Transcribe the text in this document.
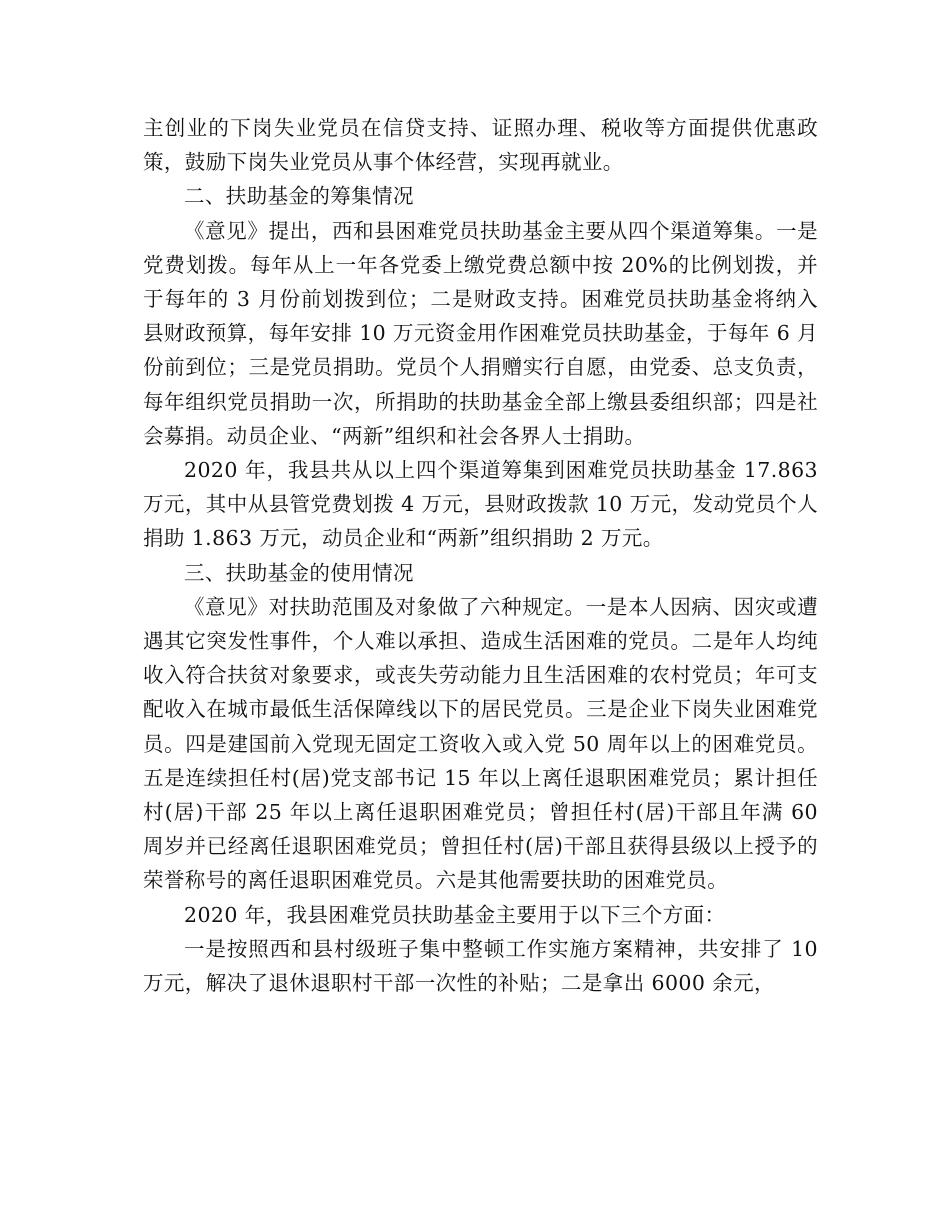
主创业的下岗失业党员在信贷支持、证照办理、税收等方面提供优惠政策，鼓励下岗失业党员从事个体经营，实现再就业。

二、扶助基金的筹集情况

《意见》提出，西和县困难党员扶助基金主要从四个渠道筹集。一是党费划拨。每年从上一年各党委上缴党费总额中按 20%的比例划拨，并于每年的 3 月份前划拨到位；二是财政支持。困难党员扶助基金将纳入县财政预算，每年安排 10 万元资金用作困难党员扶助基金，于每年 6 月份前到位；三是党员捐助。党员个人捐赠实行自愿，由党委、总支负责，每年组织党员捐助一次，所捐助的扶助基金全部上缴县委组织部；四是社会募捐。动员企业、“两新”组织和社会各界人士捐助。

2020 年，我县共从以上四个渠道筹集到困难党员扶助基金 17.863 万元，其中从县管党费划拨 4 万元，县财政拨款 10 万元，发动党员个人捐助 1.863 万元，动员企业和“两新”组织捐助 2 万元。

三、扶助基金的使用情况

《意见》对扶助范围及对象做了六种规定。一是本人因病、因灾或遭遇其它突发性事件，个人难以承担、造成生活困难的党员。二是年人均纯收入符合扶贫对象要求，或丧失劳动能力且生活困难的农村党员；年可支配收入在城市最低生活保障线以下的居民党员。三是企业下岗失业困难党员。四是建国前入党现无固定工资收入或入党 50 周年以上的困难党员。五是连续担任村(居)党支部书记 15 年以上离任退职困难党员；累计担任村(居)干部 25 年以上离任退职困难党员；曾担任村(居)干部且年满 60 周岁并已经离任退职困难党员；曾担任村(居)干部且获得县级以上授予的荣誉称号的离任退职困难党员。六是其他需要扶助的困难党员。

2020 年，我县困难党员扶助基金主要用于以下三个方面：

一是按照西和县村级班子集中整顿工作实施方案精神，共安排了 10 万元，解决了退休退职村干部一次性的补贴；二是拿出 6000 余元，
